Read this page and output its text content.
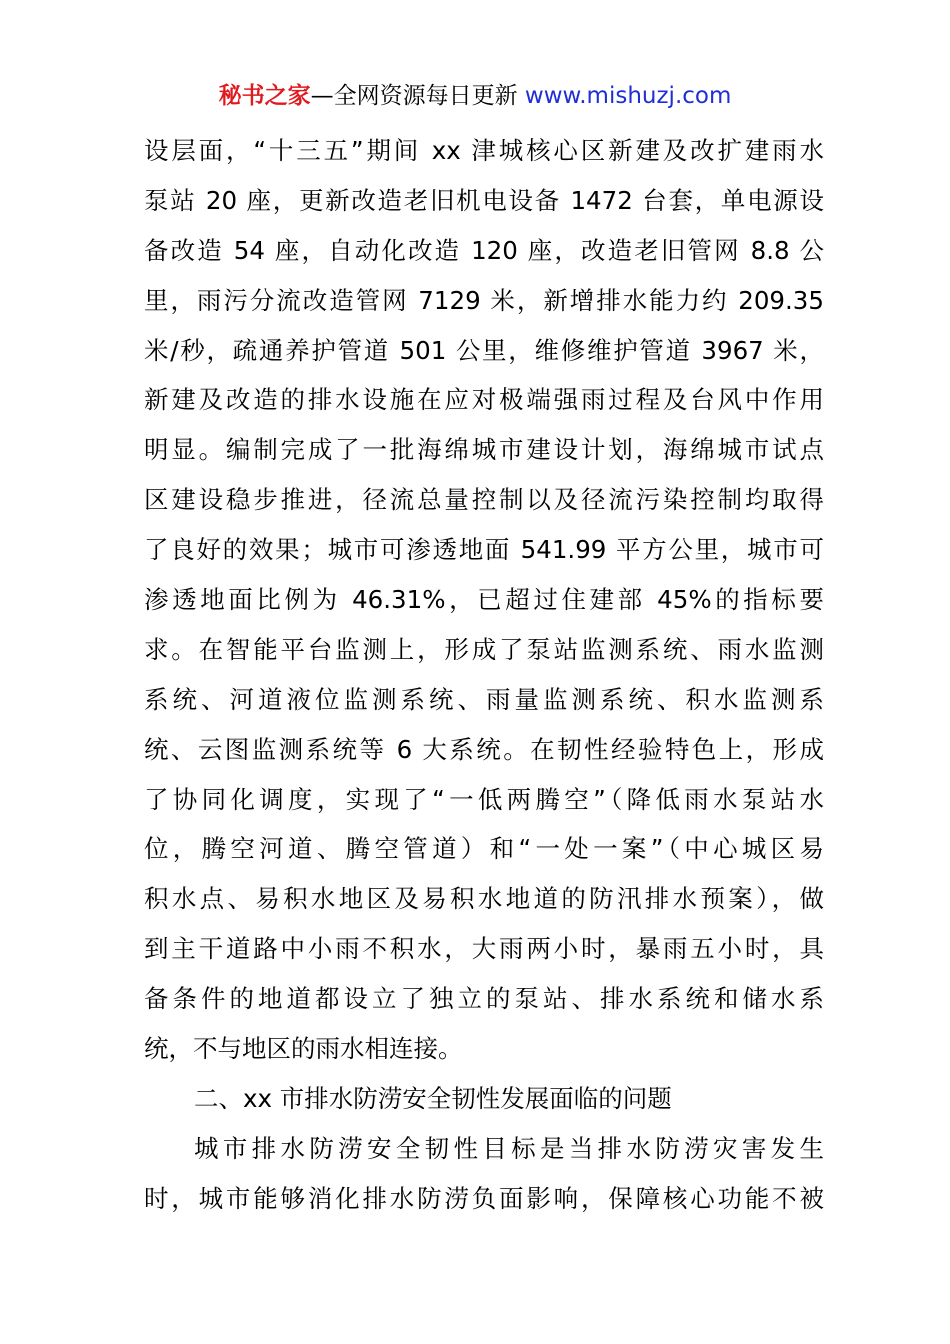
秘书之家—全网资源每日更新 www.mishuzj.com
设层面，“十三五”期间 xx 津城核心区新建及改扩建雨水
泵站 20 座，更新改造老旧机电设备 1472 台套，单电源设
备改造 54 座，自动化改造 120 座，改造老旧管网 8.8 公
里，雨污分流改造管网 7129 米，新增排水能力约 209.35
米/秒，疏通养护管道 501 公里，维修维护管道 3967 米，
新建及改造的排水设施在应对极端强雨过程及台风中作用
明显。编制完成了一批海绵城市建设计划，海绵城市试点
区建设稳步推进，径流总量控制以及径流污染控制均取得
了良好的效果；城市可渗透地面 541.99 平方公里，城市可
渗透地面比例为 46.31%，已超过住建部 45%的指标要
求。在智能平台监测上，形成了泵站监测系统、雨水监测
系统、河道液位监测系统、雨量监测系统、积水监测系
统、云图监测系统等 6 大系统。在韧性经验特色上，形成
了协同化调度，实现了“一低两腾空”（降低雨水泵站水
位，腾空河道、腾空管道）和“一处一案”（中心城区易
积水点、易积水地区及易积水地道的防汛排水预案），做
到主干道路中小雨不积水，大雨两小时，暴雨五小时，具
备条件的地道都设立了独立的泵站、排水系统和储水系
统，不与地区的雨水相连接。
二、xx 市排水防涝安全韧性发展面临的问题
城市排水防涝安全韧性目标是当排水防涝灾害发生
时，城市能够消化排水防涝负面影响，保障核心功能不被
